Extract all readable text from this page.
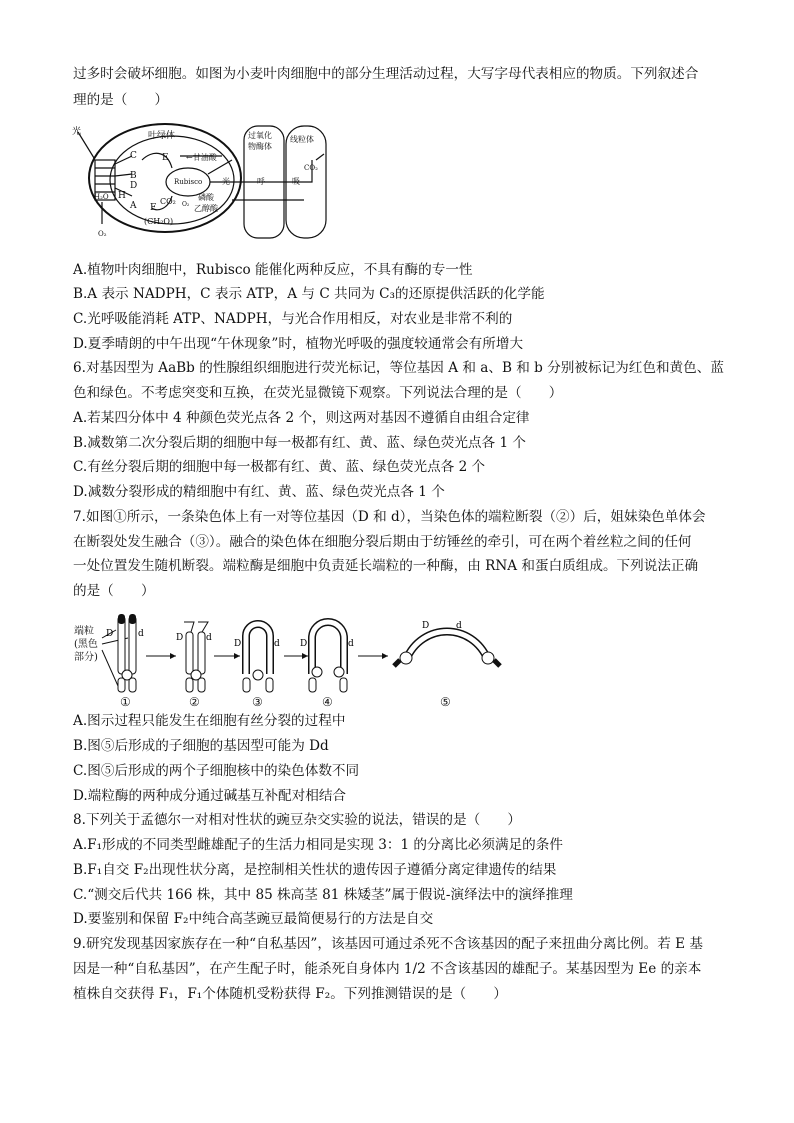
过多时会破坏细胞。如图为小麦叶肉细胞中的部分生理活动过程，大写字母代表相应的物质。下列叙述合
理的是（　　）
光	叶绿体	过氧化
物酶体
线粒体
Rubisco
←甘油酸
光
CO₂ O₂
磷酸
乙醇酸
呼	吸
CO₂
C	E
B
D
H
A F
H₂O
O₂
(CH₂O)
A.植物叶肉细胞中，Rubisco 能催化两种反应，不具有酶的专一性
B.A 表示 NADPH，C 表示 ATP，A 与 C 共同为 C₃的还原提供活跃的化学能
C.光呼吸能消耗 ATP、NADPH，与光合作用相反，对农业是非常不利的
D.夏季晴朗的中午出现“午休现象”时，植物光呼吸的强度较通常会有所增大
6.对基因型为 AaBb 的性腺组织细胞进行荧光标记，等位基因 A 和 a、B 和 b 分别被标记为红色和黄色、蓝
色和绿色。不考虑突变和互换，在荧光显微镜下观察。下列说法合理的是（　　）
A.若某四分体中 4 种颜色荧光点各 2 个，则这两对基因不遵循自由组合定律
B.减数第二次分裂后期的细胞中每一极都有红、黄、蓝、绿色荧光点各 1 个
C.有丝分裂后期的细胞中每一极都有红、黄、蓝、绿色荧光点各 2 个
D.减数分裂形成的精细胞中有红、黄、蓝、绿色荧光点各 1 个
7.如图①所示，一条染色体上有一对等位基因（D 和 d），当染色体的端粒断裂（②）后，姐妹染色单体会
在断裂处发生融合（③）。融合的染色体在细胞分裂后期由于纺锤丝的牵引，可在两个着丝粒之间的任何
一处位置发生随机断裂。端粒酶是细胞中负责延长端粒的一种酶，由 RNA 和蛋白质组成。下列说法正确
的是（　　）
端粒
(黑色
部分)
D	d	D	d
D	d D	d
D	d
①	②	③	④	⑤
A.图示过程只能发生在细胞有丝分裂的过程中
B.图⑤后形成的子细胞的基因型可能为 Dd
C.图⑤后形成的两个子细胞核中的染色体数不同
D.端粒酶的两种成分通过碱基互补配对相结合
8.下列关于孟德尔一对相对性状的豌豆杂交实验的说法，错误的是（　　）
A.F₁形成的不同类型雌雄配子的生活力相同是实现 3：1 的分离比必须满足的条件
B.F₁自交 F₂出现性状分离，是控制相关性状的遗传因子遵循分离定律遗传的结果
C.“测交后代共 166 株，其中 85 株高茎 81 株矮茎”属于假说-演绎法中的演绎推理
D.要鉴别和保留 F₂中纯合高茎豌豆最简便易行的方法是自交
9.研究发现基因家族存在一种“自私基因”，该基因可通过杀死不含该基因的配子来扭曲分离比例。若 E 基
因是一种“自私基因”，在产生配子时，能杀死自身体内 1/2 不含该基因的雄配子。某基因型为 Ee 的亲本
植株自交获得 F₁，F₁个体随机受粉获得 F₂。下列推测错误的是（　　）
